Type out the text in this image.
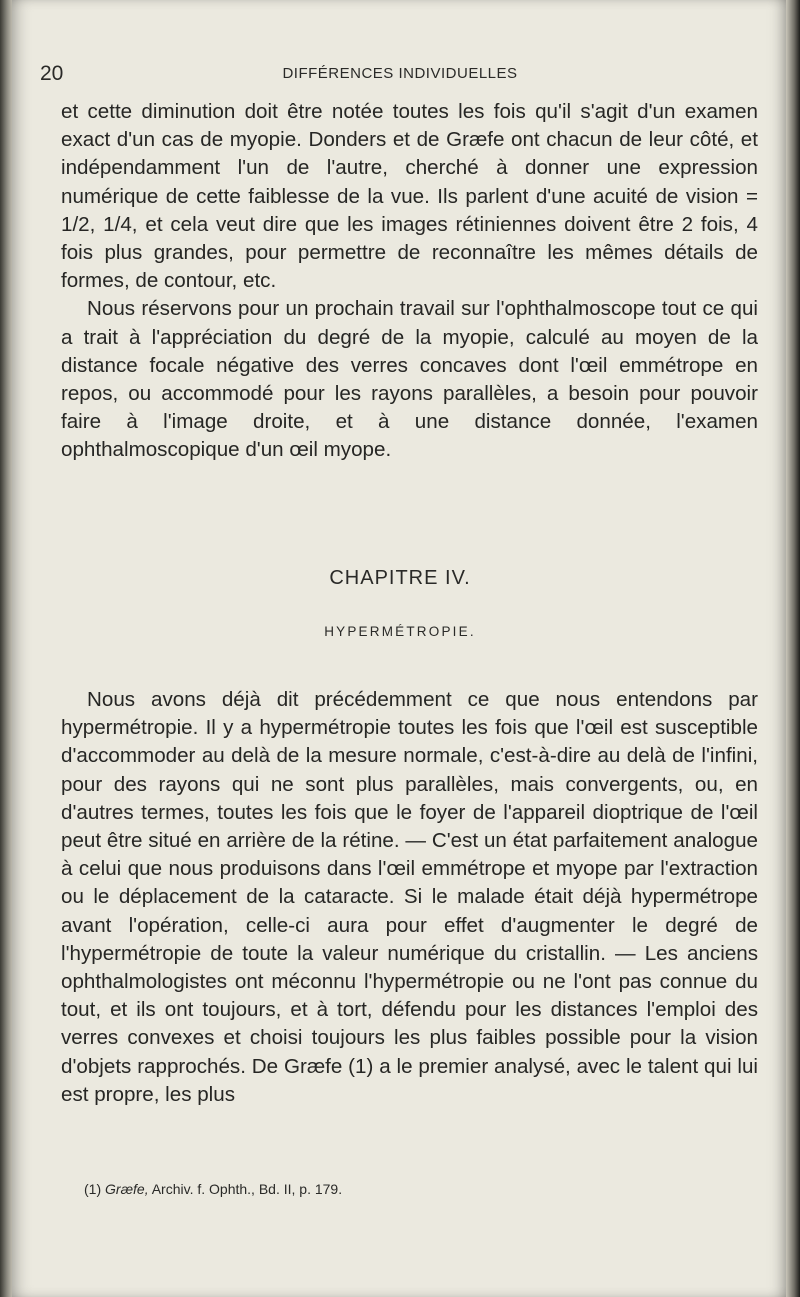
20	DIFFÉRENCES INDIVIDUELLES

et cette diminution doit être notée toutes les fois qu'il s'agit d'un examen exact d'un cas de myopie. Donders et de Græfe ont chacun de leur côté, et indépendamment l'un de l'autre, cherché à donner une expression numérique de cette faiblesse de la vue. Ils parlent d'une acuité de vision = 1/2, 1/4, et cela veut dire que les images rétiniennes doivent être 2 fois, 4 fois plus grandes, pour permettre de reconnaître les mêmes détails de formes, de contour, etc.

Nous réservons pour un prochain travail sur l'ophthalmoscope tout ce qui a trait à l'appréciation du degré de la myopie, calculé au moyen de la distance focale négative des verres concaves dont l'œil emmétrope en repos, ou accommodé pour les rayons parallèles, a besoin pour pouvoir faire à l'image droite, et à une distance donnée, l'examen ophthalmoscopique d'un œil myope.

CHAPITRE IV.
HYPERMÉTROPIE.

Nous avons déjà dit précédemment ce que nous entendons par hypermétropie. Il y a hypermétropie toutes les fois que l'œil est susceptible d'accommoder au delà de la mesure normale, c'est-à-dire au delà de l'infini, pour des rayons qui ne sont plus parallèles, mais convergents, ou, en d'autres termes, toutes les fois que le foyer de l'appareil dioptrique de l'œil peut être situé en arrière de la rétine. — C'est un état parfaitement analogue à celui que nous produisons dans l'œil emmétrope et myope par l'extraction ou le déplacement de la cataracte. Si le malade était déjà hypermétrope avant l'opération, celle-ci aura pour effet d'augmenter le degré de l'hypermétropie de toute la valeur numérique du cristallin. — Les anciens ophthalmologistes ont méconnu l'hypermétropie ou ne l'ont pas connue du tout, et ils ont toujours, et à tort, défendu pour les distances l'emploi des verres convexes et choisi toujours les plus faibles possible pour la vision d'objets rapprochés. De Græfe (1) a le premier analysé, avec le talent qui lui est propre, les plus

(1) Græfe, Archiv. f. Ophth., Bd. II, p. 179.
